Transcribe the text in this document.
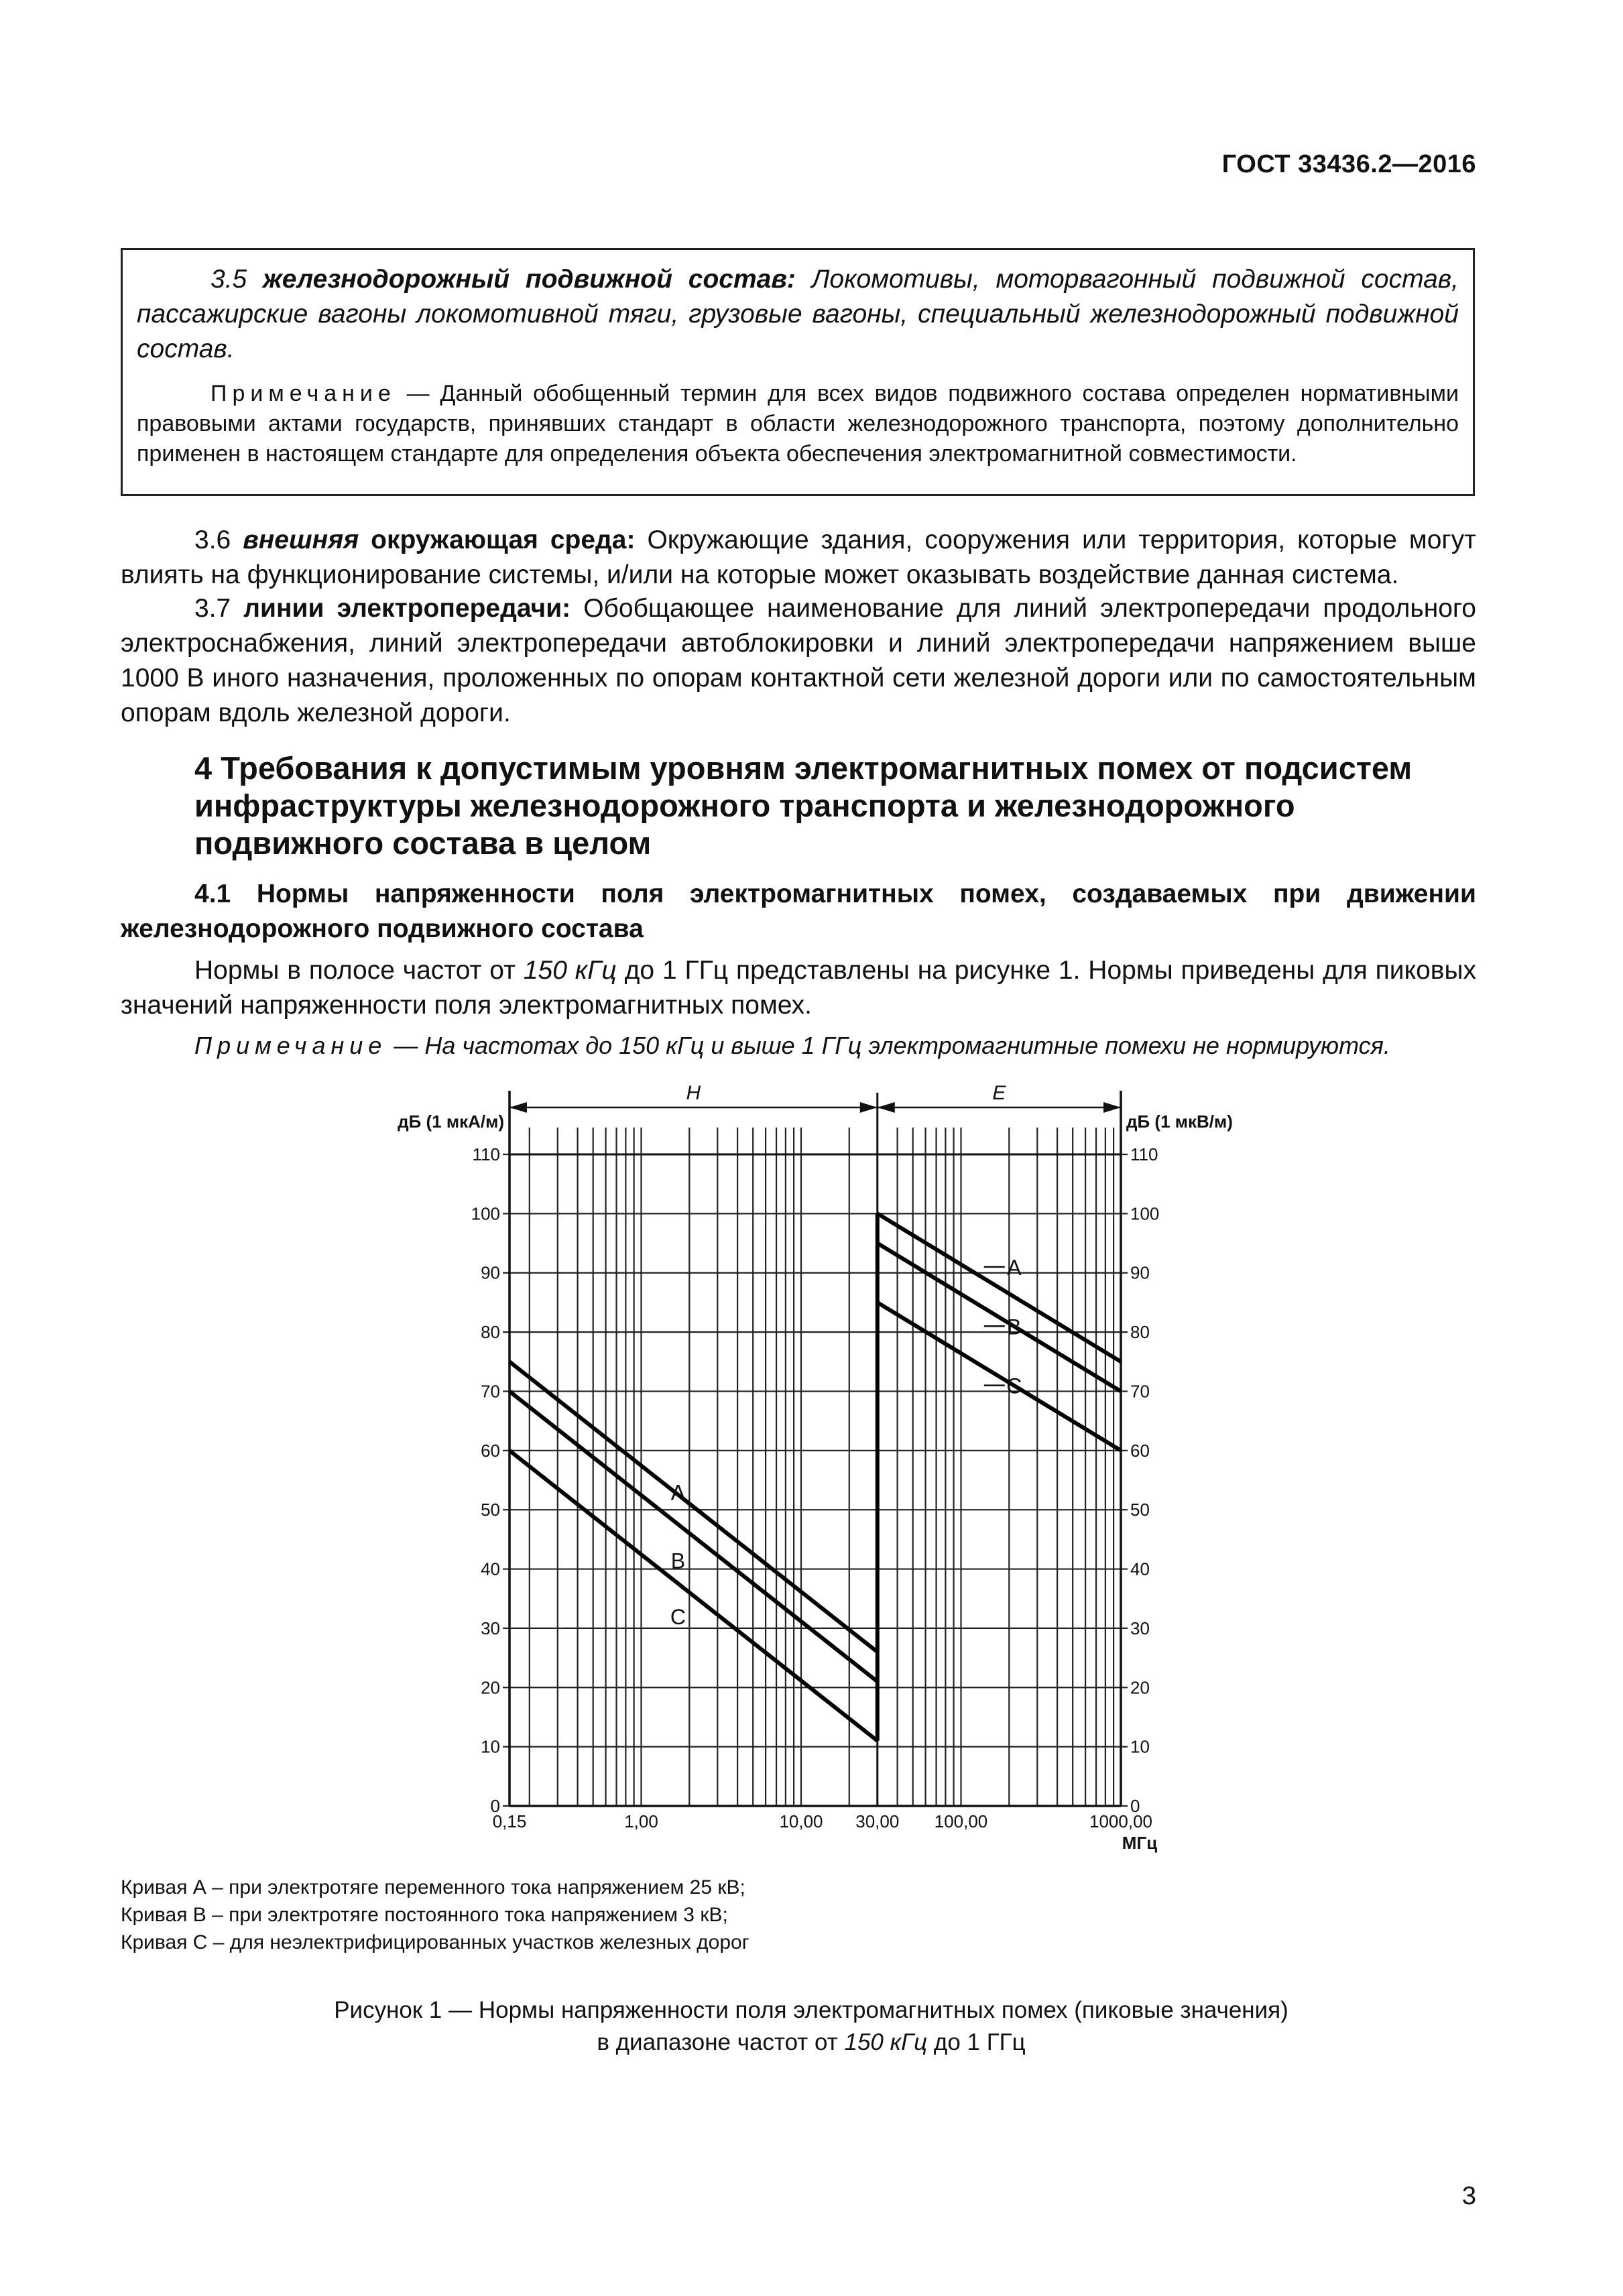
ГОСТ 33436.2—2016

3.5 железнодорожный подвижной состав: Локомотивы, моторвагонный подвижной состав, пассажирские вагоны локомотивной тяги, грузовые вагоны, специальный железнодорожный подвижной состав.

Примечание — Данный обобщенный термин для всех видов подвижного состава определен нормативными правовыми актами государств, принявших стандарт в области железнодорожного транспорта, поэтому дополнительно применен в настоящем стандарте для определения объекта обеспечения электромагнитной совместимости.

3.6 внешняя окружающая среда: Окружающие здания, сооружения или территория, которые могут влиять на функционирование системы, и/или на которые может оказывать воздействие данная система.

3.7 линии электропередачи: Обобщающее наименование для линий электропередачи продольного электроснабжения, линий электропередачи автоблокировки и линий электропередачи напряжением выше 1000 В иного назначения, проложенных по опорам контактной сети железной дороги или по самостоятельным опорам вдоль железной дороги.

4 Требования к допустимым уровням электромагнитных помех от подсистем инфраструктуры железнодорожного транспорта и железнодорожного подвижного состава в целом
4.1 Нормы напряженности поля электромагнитных помех, создаваемых при движении железнодорожного подвижного состава

Нормы в полосе частот от 150 кГц до 1 ГГц представлены на рисунке 1. Нормы приведены для пиковых значений напряженности поля электромагнитных помех.

Примечание — На частотах до 150 кГц и выше 1 ГГц электромагнитные помехи не нормируются.

H	E
дБ (1 мкА/м)	дБ (1 мкВ/м)
0	0
10	10
20	20
30	30
40	40
50	50
60	60
70	70
80	80
90	90
100	100
110	110
0,15	1,00	10,00 30,00 100,00	1000,00
МГц
A
B
C
A
B
C
Кривая А – при электротяге переменного тока напряжением 25 кВ;
Кривая В – при электротяге постоянного тока напряжением 3 кВ;
Кривая С – для неэлектрифицированных участков железных дорог
Рисунок 1 — Нормы напряженности поля электромагнитных помех (пиковые значения)
в диапазоне частот от 150 кГц до 1 ГГц
3
